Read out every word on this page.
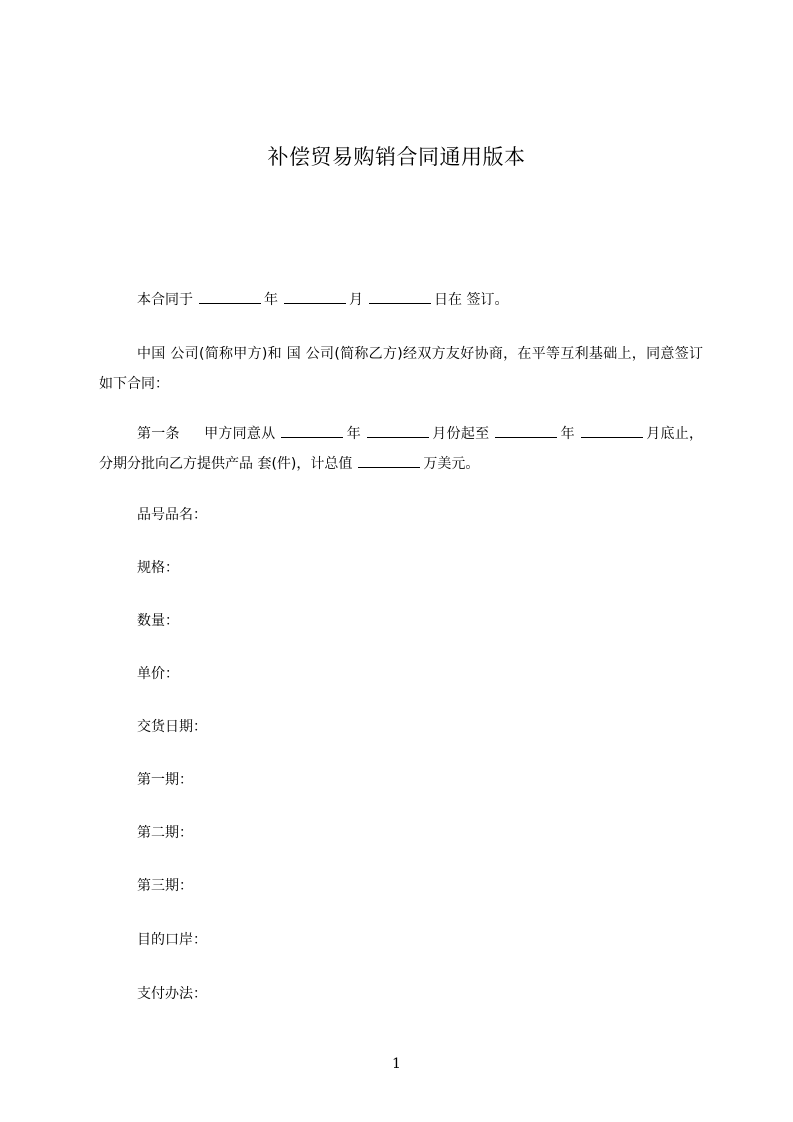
补偿贸易购销合同通用版本
本合同于	年	月	日在 签订。
中国 公司(简称甲方)和 国 公司(简称乙方)经双方友好协商，在平等互利基础上，同意签订如下合同：
第一条 甲方同意从	年	月份起至	年	月底止，分期分批向乙方提供产品 套(件)，计总值	万美元。
品号品名：
规格：
数量：
单价：
交货日期：
第一期：
第二期：
第三期：
目的口岸：
支付办法：
1
